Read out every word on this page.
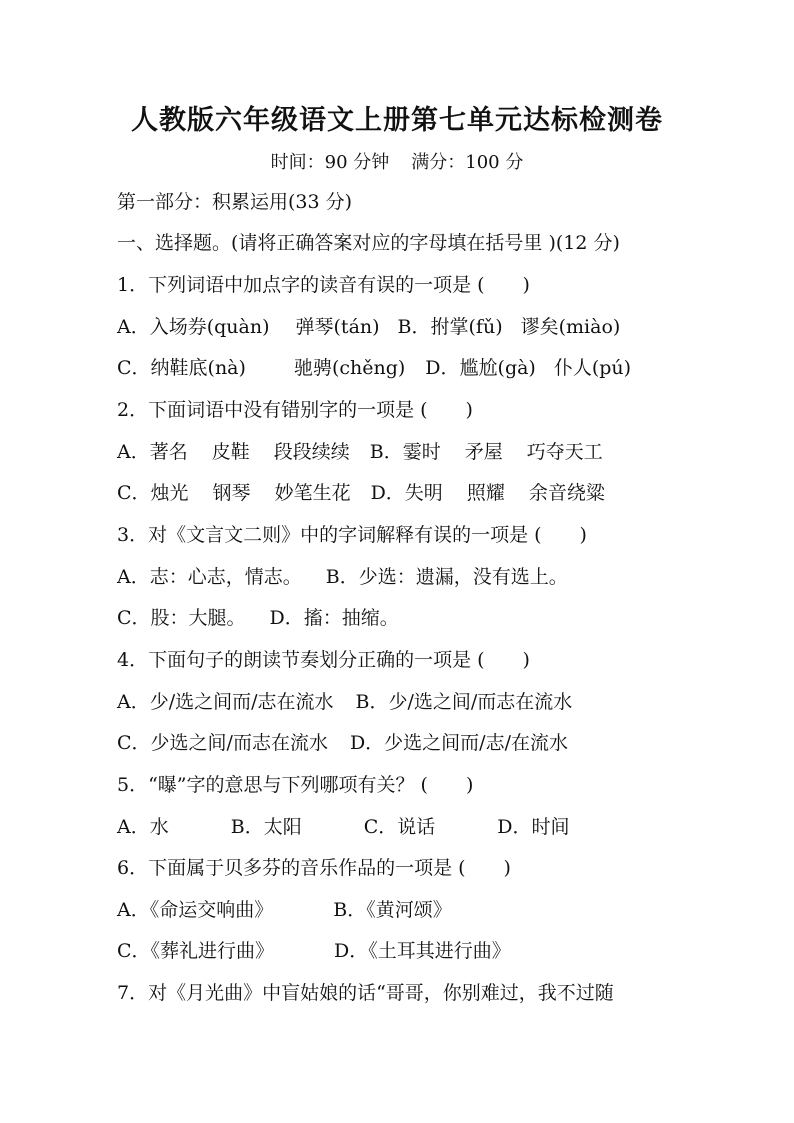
人教版六年级语文上册第七单元达标检测卷
时间：90 分钟 满分：100 分
第一部分：积累运用(33 分)
一、选择题。(请将正确答案对应的字母填在括号里 )(12 分)
1．下列词语中加点字的读音有误的一项是 (　　)
A．入场券(quàn) 弹琴(tán) B．拊掌(fǔ) 谬矣(miào)
C．纳鞋底(nà)	驰骋(chěng) D．尴尬(gà) 仆人(pú)
2．下面词语中没有错别字的一项是 (　　)
A．著名 皮鞋 段段续续 B．霎时 矛屋 巧夺天工
C．烛光 钢琴 妙笔生花 D．失明 照耀 余音绕粱
3．对《文言文二则》中的字词解释有误的一项是 (　　)
A．志：心志，情志。 B．少选：遗漏，没有选上。
C．股：大腿。 D．搐：抽缩。
4．下面句子的朗读节奏划分正确的一项是 (　　)
A．少∕选之间而∕志在流水 B．少∕选之间∕而志在流水
C．少选之间∕而志在流水 D．少选之间而∕志∕在流水
5．“曝”字的意思与下列哪项有关？ (　　)
A．水	B．太阳	C．说话	D．时间
6．下面属于贝多芬的音乐作品的一项是 (　　)
A．《命运交响曲》	B．《黄河颂》
C．《葬礼进行曲》	D．《土耳其进行曲》
7．对《月光曲》中盲姑娘的话“哥哥，你别难过，我不过随
